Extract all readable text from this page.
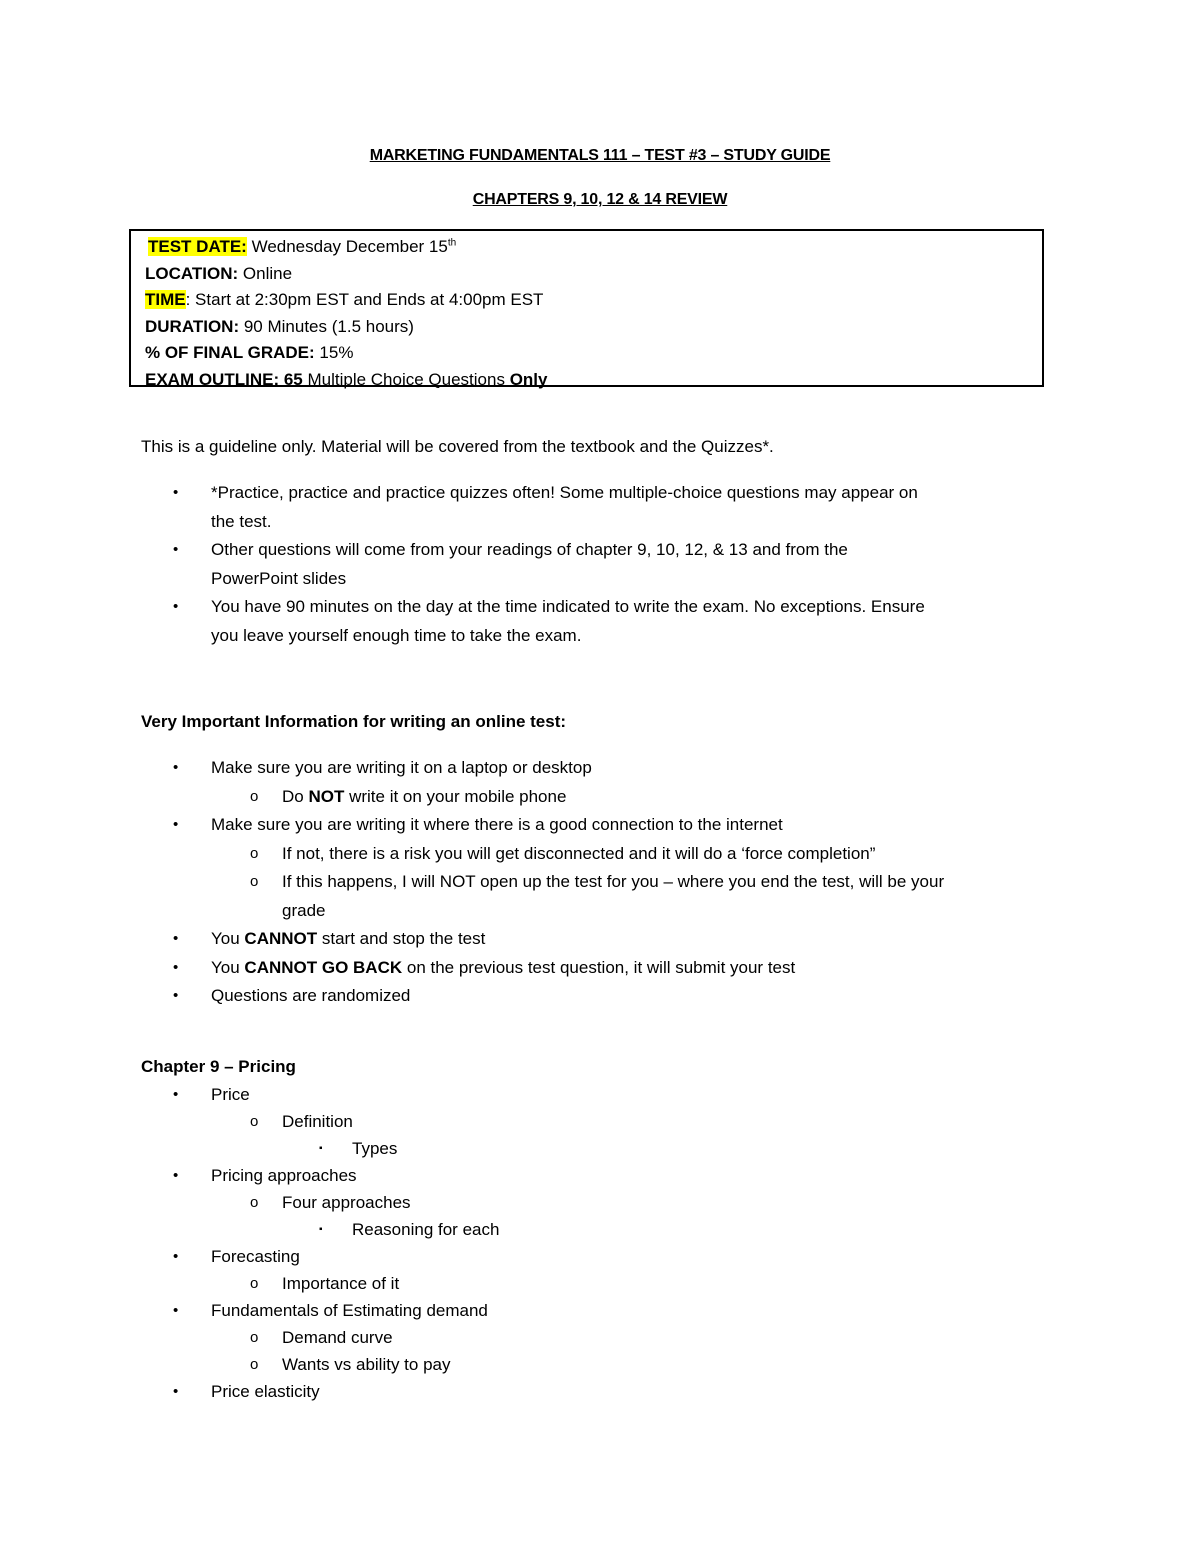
MARKETING FUNDAMENTALS 111 – TEST #3 – STUDY GUIDE
CHAPTERS 9, 10, 12 & 14 REVIEW
TEST DATE: Wednesday December 15th
LOCATION: Online
TIME: Start at 2:30pm EST and Ends at 4:00pm EST
DURATION: 90 Minutes (1.5 hours)
% OF FINAL GRADE: 15%
EXAM OUTLINE: 65 Multiple Choice Questions Only
This is a guideline only. Material will be covered from the textbook and the Quizzes*.
• *Practice, practice and practice quizzes often! Some multiple-choice questions may appear on
the test.
• Other questions will come from your readings of chapter 9, 10, 12, & 13 and from the
PowerPoint slides
• You have 90 minutes on the day at the time indicated to write the exam. No exceptions. Ensure
you leave yourself enough time to take the exam.
Very Important Information for writing an online test:
• Make sure you are writing it on a laptop or desktop
o Do NOT write it on your mobile phone
• Make sure you are writing it where there is a good connection to the internet
o If not, there is a risk you will get disconnected and it will do a ‘force completion”
o If this happens, I will NOT open up the test for you – where you end the test, will be your
grade
• You CANNOT start and stop the test
• You CANNOT GO BACK on the previous test question, it will submit your test
• Questions are randomized
Chapter 9 – Pricing
• Price
o Definition
▪ Types
• Pricing approaches
o Four approaches
▪ Reasoning for each
• Forecasting
o Importance of it
• Fundamentals of Estimating demand
o Demand curve
o Wants vs ability to pay
• Price elasticity
